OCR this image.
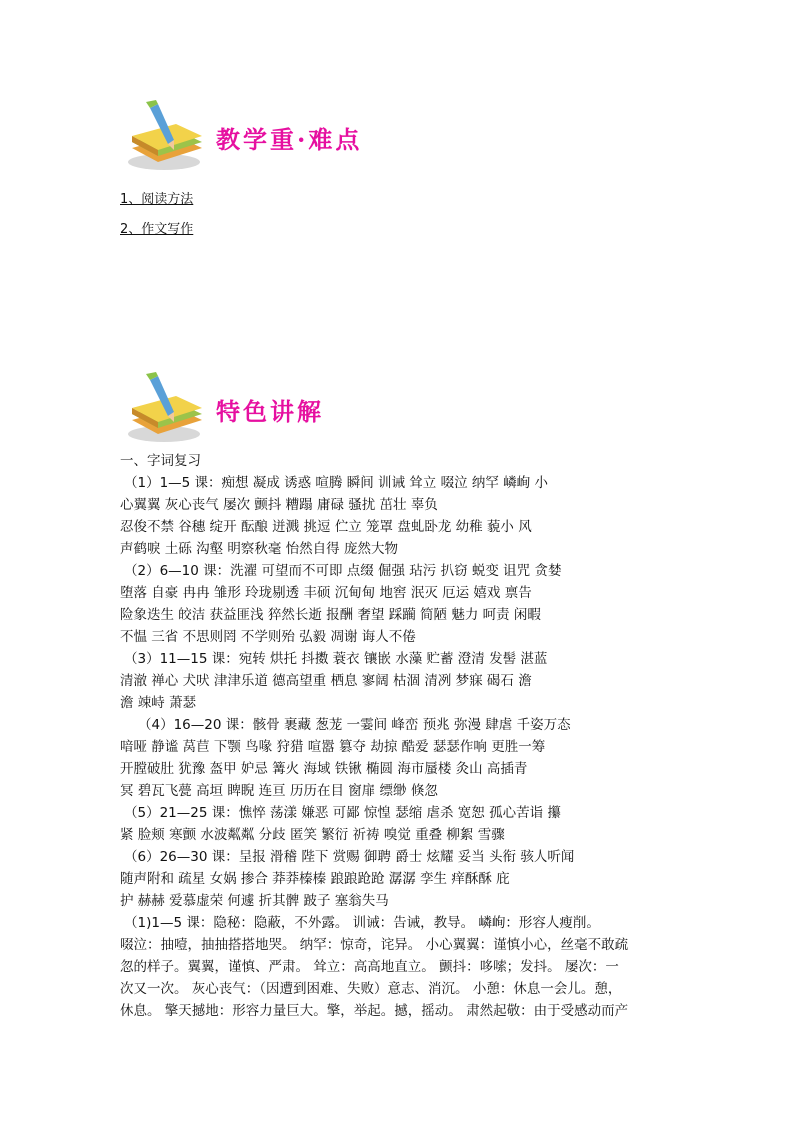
教学重·难点
1、阅读方法
2、作文写作
特色讲解

一、字词复习

（1）1—5 课：痴想 凝成 诱惑 喧腾 瞬间 训诫 耸立 啜泣 纳罕 嶙峋 小

心翼翼 灰心丧气 屡次 颤抖 糟蹋 庸碌 骚扰 茁壮 辜负

忍俊不禁 谷穗 绽开 酝酿 迸溅 挑逗 伫立 笼罩 盘虬卧龙 幼稚 藐小 风

声鹤唳 土砾 沟壑 明察秋毫 怡然自得 庞然大物

（2）6—10 课：洗濯 可望而不可即 点缀 倔强 玷污 扒窃 蜕变 诅咒 贪婪

堕落 自豪 冉冉 雏形 玲珑剔透 丰硕 沉甸甸 地窖 泯灭 厄运 嬉戏 禀告

险象迭生 皎洁 获益匪浅 猝然长逝 报酬 奢望 踩躏 简陋 魅力 呵责 闲暇

不愠 三省 不思则罔 不学则殆 弘毅 凋谢 诲人不倦

（3）11—15 课：宛转 烘托 抖擞 蓑衣 镶嵌 水藻 贮蓄 澄清 发髻 湛蓝

清澈 禅心 犬吠 津津乐道 德高望重 栖息 寥阔 枯涸 清冽 梦寐 碣石 澹

澹 竦峙 萧瑟

（4）16—20 课：骸骨 裹藏 葱茏 一霎间 峰峦 预兆 弥漫 肆虐 千姿万态

喑哑 静谧 莴苣 下颚 鸟喙 狩猎 喧嚣 篡夺 劫掠 酷爱 瑟瑟作响 更胜一筹

开膛破肚 犹豫 盔甲 妒忌 篝火 海域 铁锹 椭圆 海市蜃楼 灸山 高插青

冥 碧瓦飞甍 高垣 睥睨 连亘 历历在目 窗扉 缥缈 倏忽

（5）21—25 课：憔悴 荡漾 嫌恶 可鄙 惊惶 瑟缩 虐杀 宽恕 孤心苦诣 攥

紧 脸颊 寒颤 水波粼粼 分歧 匿笑 繁衍 祈祷 嗅觉 重叠 柳絮 雪骤

（6）26—30 课：呈报 滑稽 陛下 赏赐 御聘 爵士 炫耀 妥当 头衔 骇人听闻

随声附和 疏星 女娲 掺合 莽莽榛榛 踉踉跄跄 潺潺 孪生 痒酥酥 庇

护 赫赫 爱慕虚荣 何遽 折其髀 跛子 塞翁失马

（1)1—5 课：隐秘：隐蔽，不外露。 训诫：告诫，教导。 嶙峋：形容人瘦削。

啜泣：抽噎，抽抽搭搭地哭。 纳罕：惊奇，诧异。 小心翼翼：谨慎小心，丝毫不敢疏

忽的样子。翼翼，谨慎、严肃。 耸立：高高地直立。 颤抖：哆嗦；发抖。 屡次：一

次又一次。 灰心丧气：（因遭到困难、失败）意志、消沉。 小憩：休息一会儿。憩，

休息。 擎天撼地：形容力量巨大。擎，举起。撼，摇动。 肃然起敬：由于受感动而产
